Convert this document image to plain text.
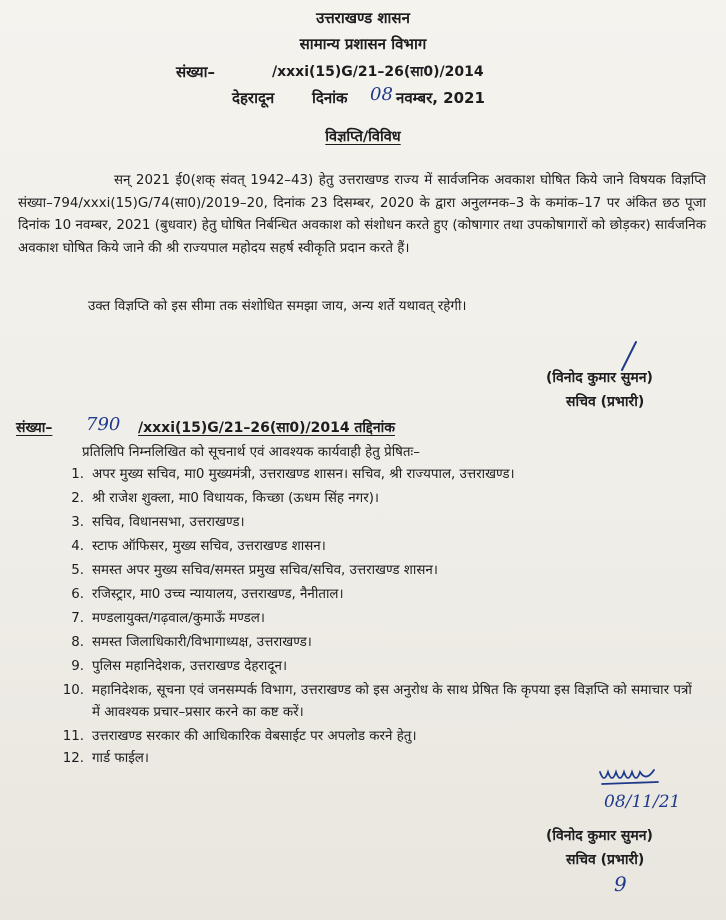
उत्तराखण्ड शासन
सामान्य प्रशासन विभाग
संख्या–	/xxxi(15)G/21–26(सा0)/2014
देहरादून	दिनांक 08 नवम्बर, 2021
विज्ञप्ति/विविध
सन् 2021 ई0(शक् संवत् 1942–43) हेतु उत्तराखण्ड राज्य में सार्वजनिक अवकाश घोषित किये जाने विषयक विज्ञप्ति संख्या–794/xxxi(15)G/74(सा0)/2019–20, दिनांक 23 दिसम्बर, 2020 के द्वारा अनुलग्नक–3 के कमांक–17 पर अंकित छठ पूजा दिनांक 10 नवम्बर, 2021 (बुधवार) हेतु घोषित निर्बन्धित अवकाश को संशोधन करते हुए (कोषागार तथा उपकोषागारों को छोड़कर) सार्वजनिक अवकाश घोषित किये जाने की श्री राज्यपाल महोदय सहर्ष स्वीकृति प्रदान करते हैं।
उक्त विज्ञप्ति को इस सीमा तक संशोधित समझा जाय, अन्य शर्ते यथावत् रहेगी।
(विनोद कुमार सुमन)
सचिव (प्रभारी)
संख्या– 790 /xxxi(15)G/21–26(सा0)/2014 तद्दिनांक
प्रतिलिपि निम्नलिखित को सूचनार्थ एवं आवश्यक कार्यवाही हेतु प्रेषितः–
1. अपर मुख्य सचिव, मा0 मुख्यमंत्री, उत्तराखण्ड शासन। सचिव, श्री राज्यपाल, उत्तराखण्ड।
2. श्री राजेश शुक्ला, मा0 विधायक, किच्छा (ऊधम सिंह नगर)।
3. सचिव, विधानसभा, उत्तराखण्ड।
4. स्टाफ ऑफिसर, मुख्य सचिव, उत्तराखण्ड शासन।
5. समस्त अपर मुख्य सचिव/समस्त प्रमुख सचिव/सचिव, उत्तराखण्ड शासन।
6. रजिस्ट्रार, मा0 उच्च न्यायालय, उत्तराखण्ड, नैनीताल।
7. मण्डलायुक्त/गढ़वाल/कुमाऊँ मण्डल।
8. समस्त जिलाधिकारी/विभागाध्यक्ष, उत्तराखण्ड।
9. पुलिस महानिदेशक, उत्तराखण्ड देहरादून।
10. महानिदेशक, सूचना एवं जनसम्पर्क विभाग, उत्तराखण्ड को इस अनुरोध के साथ प्रेषित कि कृपया इस विज्ञप्ति को समाचार पत्रों में आवश्यक प्रचार–प्रसार करने का कष्ट करें।
11. उत्तराखण्ड सरकार की आधिकारिक वेबसाईट पर अपलोड करने हेतु।
12. गार्ड फाईल।
08/11/21
(विनोद कुमार सुमन)
सचिव (प्रभारी)
9
